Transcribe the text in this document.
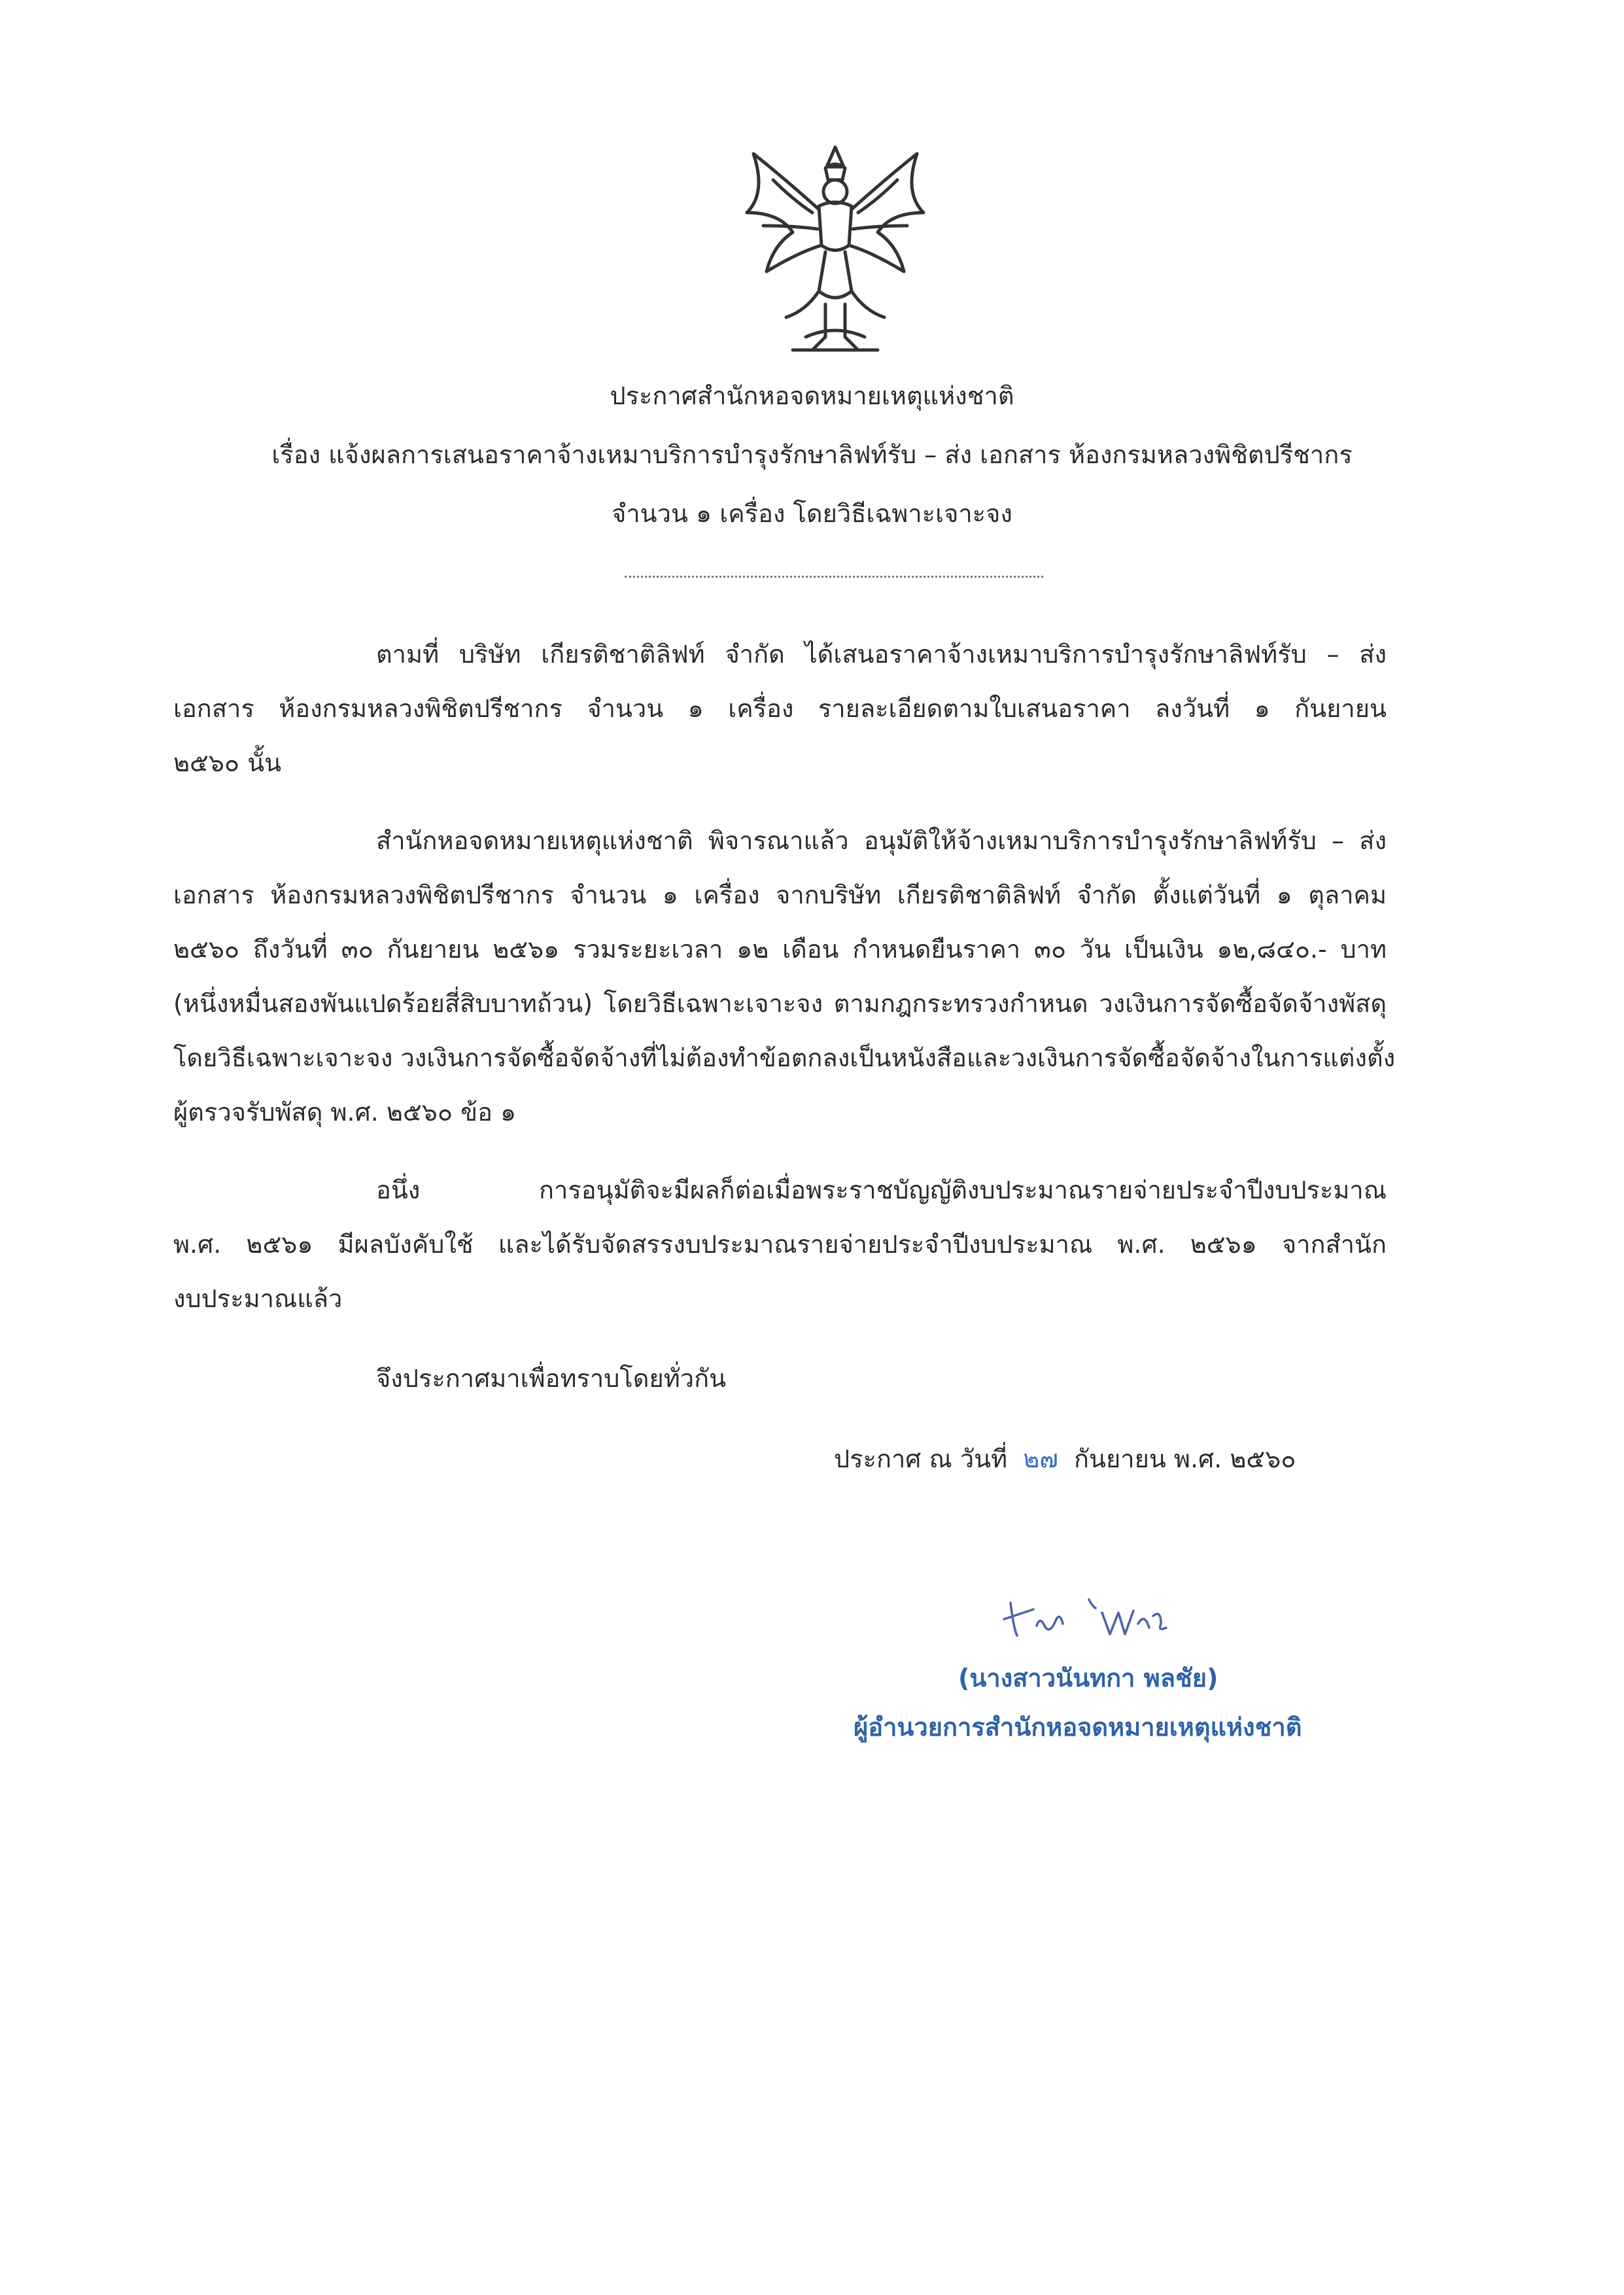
ประกาศสำนักหอจดหมายเหตุแห่งชาติ
เรื่อง แจ้งผลการเสนอราคาจ้างเหมาบริการบำรุงรักษาลิฟท์รับ – ส่ง เอกสาร ห้องกรมหลวงพิชิตปรีชากร
จำนวน ๑ เครื่อง โดยวิธีเฉพาะเจาะจง
ตามที่ บริษัท เกียรติชาติลิฟท์ จำกัด ได้เสนอราคาจ้างเหมาบริการบำรุงรักษาลิฟท์รับ – ส่ง
เอกสาร ห้องกรมหลวงพิชิตปรีชากร จำนวน ๑ เครื่อง รายละเอียดตามใบเสนอราคา ลงวันที่ ๑ กันยายน
๒๕๖๐ นั้น
สำนักหอจดหมายเหตุแห่งชาติ พิจารณาแล้ว อนุมัติให้จ้างเหมาบริการบำรุงรักษาลิฟท์รับ – ส่ง
เอกสาร ห้องกรมหลวงพิชิตปรีชากร จำนวน ๑ เครื่อง จากบริษัท เกียรติชาติลิฟท์ จำกัด ตั้งแต่วันที่ ๑ ตุลาคม
๒๕๖๐ ถึงวันที่ ๓๐ กันยายน ๒๕๖๑ รวมระยะเวลา ๑๒ เดือน กำหนดยืนราคา ๓๐ วัน เป็นเงิน ๑๒,๘๔๐.- บาท
(หนึ่งหมื่นสองพันแปดร้อยสี่สิบบาทถ้วน) โดยวิธีเฉพาะเจาะจง ตามกฎกระทรวงกำหนด วงเงินการจัดซื้อจัดจ้างพัสดุ
โดยวิธีเฉพาะเจาะจง วงเงินการจัดซื้อจัดจ้างที่ไม่ต้องทำข้อตกลงเป็นหนังสือและวงเงินการจัดซื้อจัดจ้างในการแต่งตั้ง
ผู้ตรวจรับพัสดุ พ.ศ. ๒๕๖๐ ข้อ ๑
อนึ่ง การอนุมัติจะมีผลก็ต่อเมื่อพระราชบัญญัติงบประมาณรายจ่ายประจำปีงบประมาณ
พ.ศ. ๒๕๖๑ มีผลบังคับใช้ และได้รับจัดสรรงบประมาณรายจ่ายประจำปีงบประมาณ พ.ศ. ๒๕๖๑ จากสำนัก
งบประมาณแล้ว
จึงประกาศมาเพื่อทราบโดยทั่วกัน
ประกาศ ณ วันที่ ๒๗ กันยายน พ.ศ. ๒๕๖๐
(นางสาวนันทกา พลชัย)
ผู้อำนวยการสำนักหอจดหมายเหตุแห่งชาติ
